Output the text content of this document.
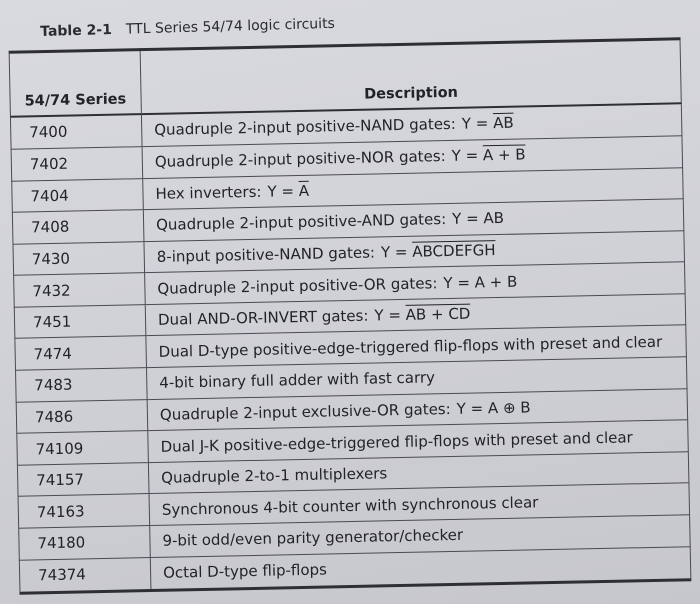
Table 2-1 TTL Series 54/74 logic circuits
54/74 Series	Description
7400	Quadruple 2-input positive-NAND gates: $Y = \overline{AB}$
7402	Quadruple 2-input positive-NOR gates: Y = A + B
7404	Hex inverters: $Y = \overline{A}$
7408	Quadruple 2-input positive-AND gates: Y = AB
7430	8-input positive-NAND gates: Y = ABCDEFGH
7432	Quadruple 2-input positive-OR gates: Y = A + B
7451	Dual AND-OR-INVERT gates: Y = AB + CD
7474	Dual D-type positive-edge-triggered flip-flops with preset and clear
7483	4-bit binary full adder with fast carry
7486	Quadruple 2-input exclusive-OR gates: Y = A ⊕ B
74109	Dual J-K positive-edge-triggered flip-flops with preset and clear
74157	Quadruple 2-to-1 multiplexers
74163	Synchronous 4-bit counter with synchronous clear
74180	9-bit odd/even parity generator/checker
74374	Octal D-type flip-flops
